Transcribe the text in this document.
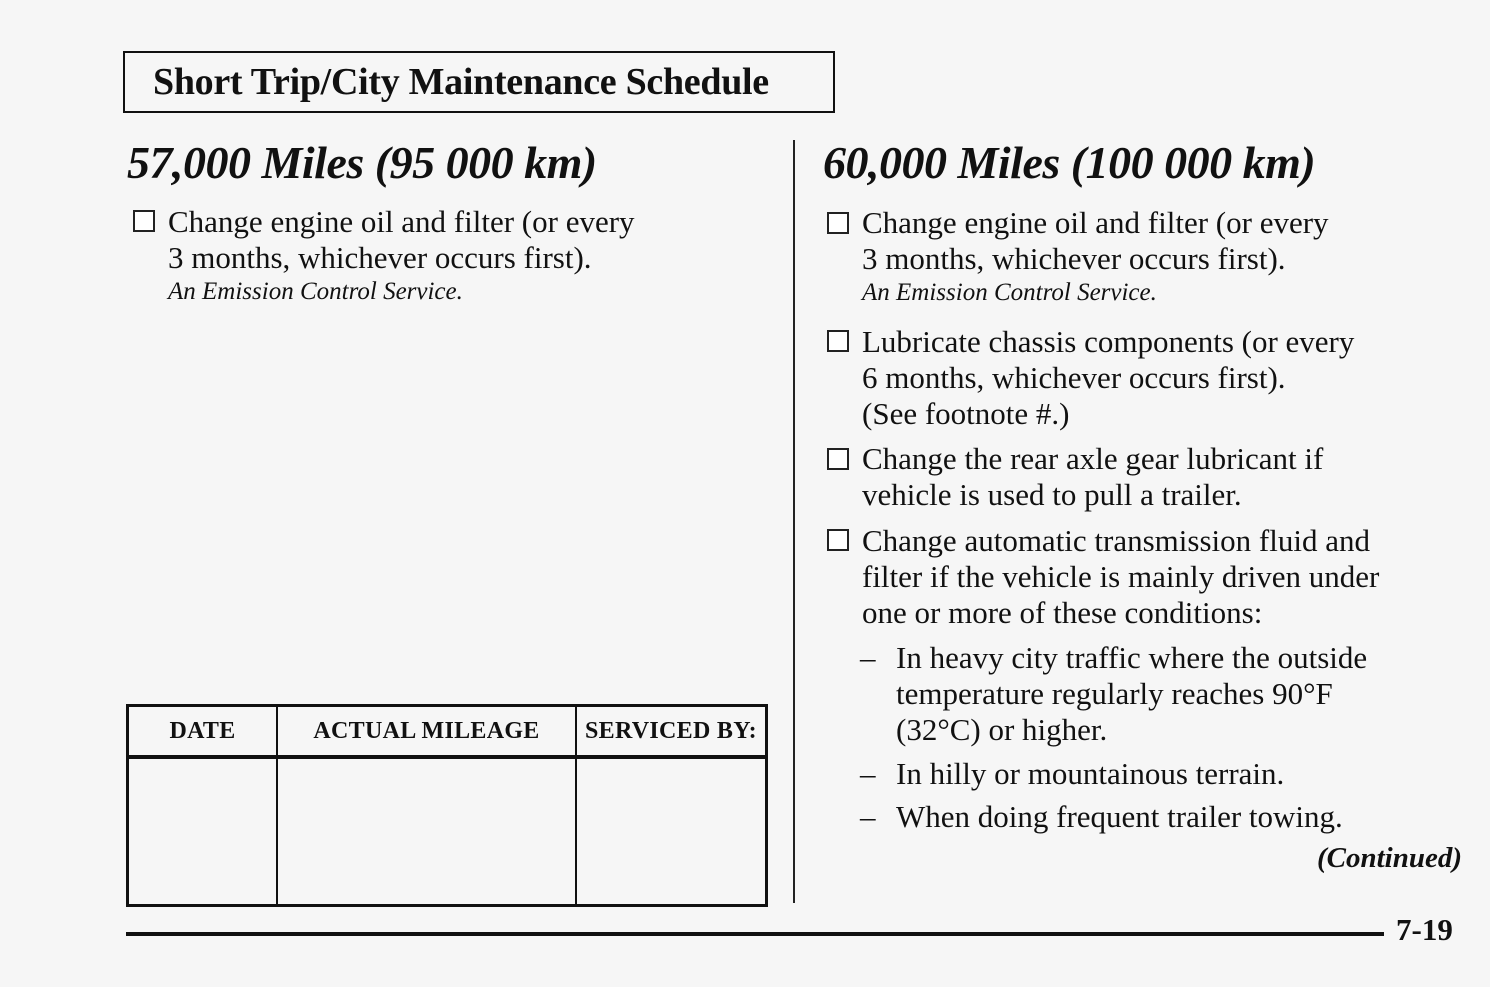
Short Trip/City Maintenance Schedule
57,000 Miles (95 000 km)
Change engine oil and filter (or every
3 months, whichever occurs first).
An Emission Control Service.
DATE	ACTUAL MILEAGE	SERVICED BY:

60,000 Miles (100 000 km)
Change engine oil and filter (or every
3 months, whichever occurs first).
An Emission Control Service.
Lubricate chassis components (or every
6 months, whichever occurs first).
(See footnote #.)
Change the rear axle gear lubricant if
vehicle is used to pull a trailer.
Change automatic transmission fluid and
filter if the vehicle is mainly driven under
one or more of these conditions:
– In heavy city traffic where the outside
temperature regularly reaches 90°F
(32°C) or higher.
– In hilly or mountainous terrain.
– When doing frequent trailer towing.
(Continued)
7-19
